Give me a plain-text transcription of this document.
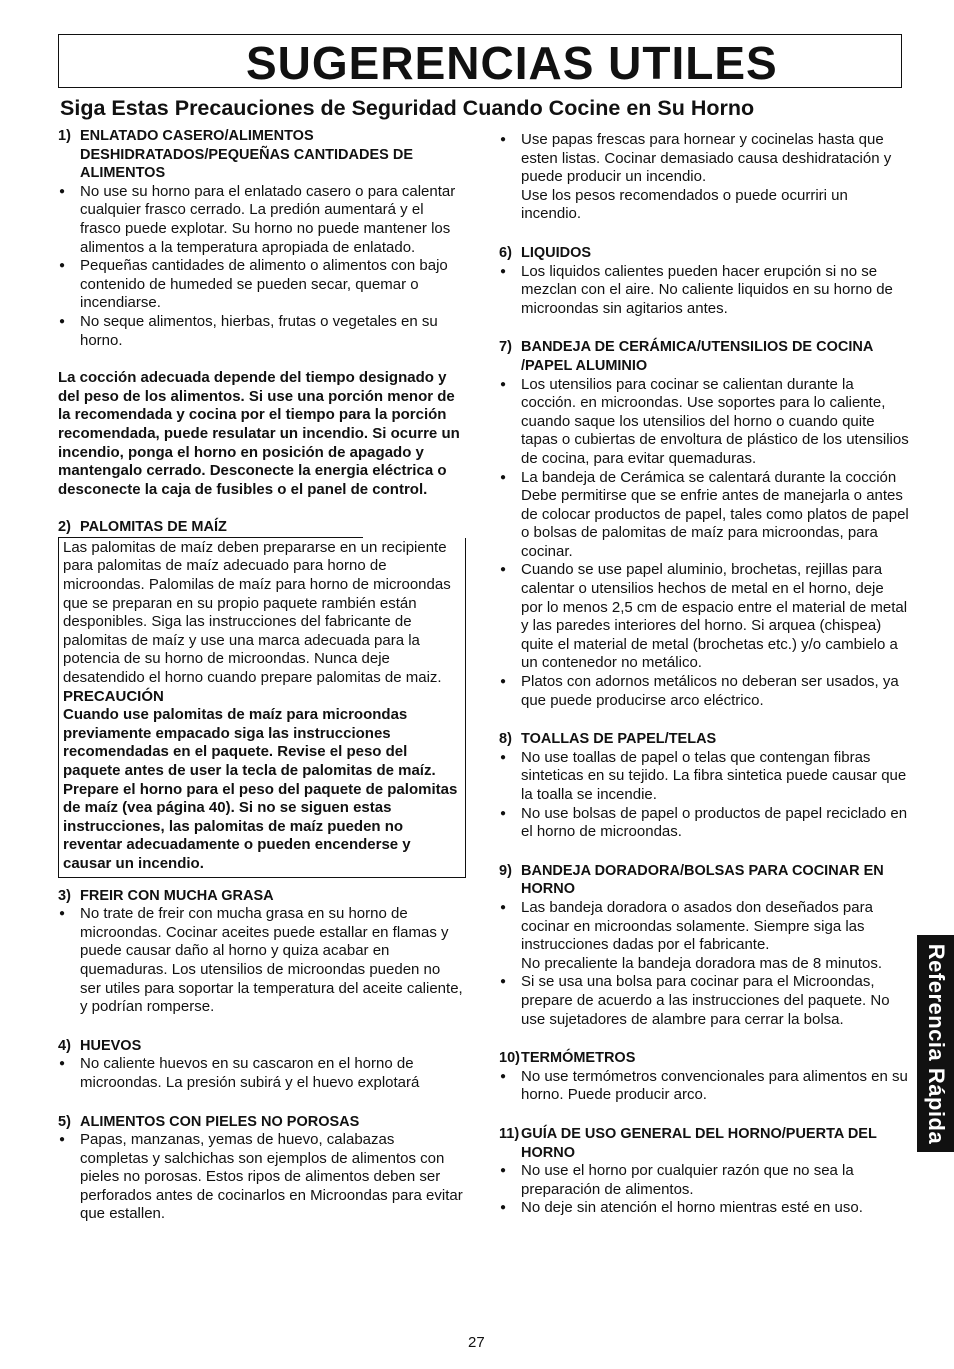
SUGERENCIAS UTILES
Siga Estas Precauciones de Seguridad Cuando Cocine en Su Horno
1) ENLATADO CASERO/ALIMENTOS DESHIDRATADOS/PEQUEÑAS CANTIDADES DE ALIMENTOS
● No use su horno para el enlatado casero o para calentar cualquier frasco cerrado. La predión aumentará y el frasco puede explotar. Su horno no puede mantener los alimentos a la temperatura apropiada de enlatado.
● Pequeñas cantidades de alimento o alimentos con bajo contenido de humeded se pueden secar, quemar o incendiarse.
● No seque alimentos, hierbas, frutas o vegetales en su horno.

La cocción adecuada depende del tiempo designado y del peso de los alimentos. Si use una porción menor de la recomendada y cocina por el tiempo para la porción recomendada, puede resulatar un incendio. Si ocurre un incendio, ponga el horno en posición de apagado y mantengalo cerrado. Desconecte la energia eléctrica o desconecte la caja de fusibles o el panel de control.

2) PALOMITAS DE MAÍZ

Las palomitas de maíz deben prepararse en un recipiente para palomitas de maíz adecuado para horno de microondas. Palomilas de maíz para horno de microondas que se preparan en su propio paquete rambién están desponibles. Siga las instrucciones del fabricante de palomitas de maíz y use una marca adecuada para la potencia de su horno de microondas. Nunca deje desatendido el horno cuando prepare palomitas de maiz.

PRECAUCIÓN

Cuando use palomitas de maíz para microondas previamente empacado siga las instrucciones recomendadas en el paquete. Revise el peso del paquete antes de user la tecla de palomitas de maíz. Prepare el horno para el peso del paquete de palomitas de maíz (vea página 40). Si no se siguen estas instrucciones, las palomitas de maíz pueden no reventar adecuadamente o pueden encenderse y causar un incendio.

3) FREIR CON MUCHA GRASA
● No trate de freir con mucha grasa en su horno de microondas. Cocinar aceites puede estallar en flamas y puede causar daño al horno y quiza acabar en quemaduras. Los utensilios de microondas pueden no ser utiles para soportar la temperatura del aceite caliente, y podrían romperse.
4) HUEVOS
● No caliente huevos en su cascaron en el horno de microondas. La presión subirá y el huevo explotará
5) ALIMENTOS CON PIELES NO POROSAS
● Papas, manzanas, yemas de huevo, calabazas completas y salchichas son ejemplos de alimentos con pieles no porosas. Estos ripos de alimentos deben ser perforados antes de cocinarlos en Microondas para evitar que estallen.

● Use papas frescas para hornear y cocinelas hasta que esten listas. Cocinar demasiado causa deshidratación y puede producir un incendio.

Use los pesos recomendados o puede ocurriri un incendio.

6) LIQUIDOS
● Los liquidos calientes pueden hacer erupción si no se mezclan con el aire. No caliente liquidos en su horno de microondas sin agitarios antes.
7) BANDEJA DE CERÁMICA/UTENSILIOS DE COCINA /PAPEL ALUMINIO
● Los utensilios para cocinar se calientan durante la cocción. en microondas. Use soportes para lo caliente, cuando saque los utensilios del horno o cuando quite tapas o cubiertas de envoltura de plástico de los utensilios de cocina, para evitar quemaduras.
● La bandeja de Cerámica se calentará durante la cocción Debe permitirse que se enfrie antes de manejarla o antes de colocar productos de papel, tales como platos de papel o bolsas de palomitas de maíz para microondas, para cocinar.
● Cuando se use papel aluminio, brochetas, rejillas para calentar o utensilios hechos de metal en el horno, deje por lo menos 2,5 cm de espacio entre el material de metal y las paredes interiores del horno. Si arquea (chispea) quite el material de metal (brochetas etc.) y/o cambielo a un contenedor no metálico.
● Platos con adornos metálicos no deberan ser usados, ya que puede producirse arco eléctrico.
8) TOALLAS DE PAPEL/TELAS
● No use toallas de papel o telas que contengan fibras sinteticas en su tejido. La fibra sintetica puede causar que la toalla se incendie.
● No use bolsas de papel o productos de papel reciclado en el horno de microondas.
9) BANDEJA DORADORA/BOLSAS PARA COCINAR EN HORNO

● Las bandeja doradora o asados don deseñados para cocinar en microondas solamente. Siempre siga las instrucciones dadas por el fabricante.

No precaliente la bandeja doradora mas de 8 minutos.

● Si se usa una bolsa para cocinar para el Microondas, prepare de acuerdo a las instrucciones del paquete. No use sujetadores de alambre para cerrar la bolsa.
10) TERMÓMETROS
● No use termómetros convencionales para alimentos en su horno. Puede producir arco.
11) GUÍA DE USO GENERAL DEL HORNO/PUERTA DEL HORNO
● No use el horno por cualquier razón que no sea la preparación de alimentos.
● No deje sin atención el horno mientras esté en uso.
Referencia Rápida
27
